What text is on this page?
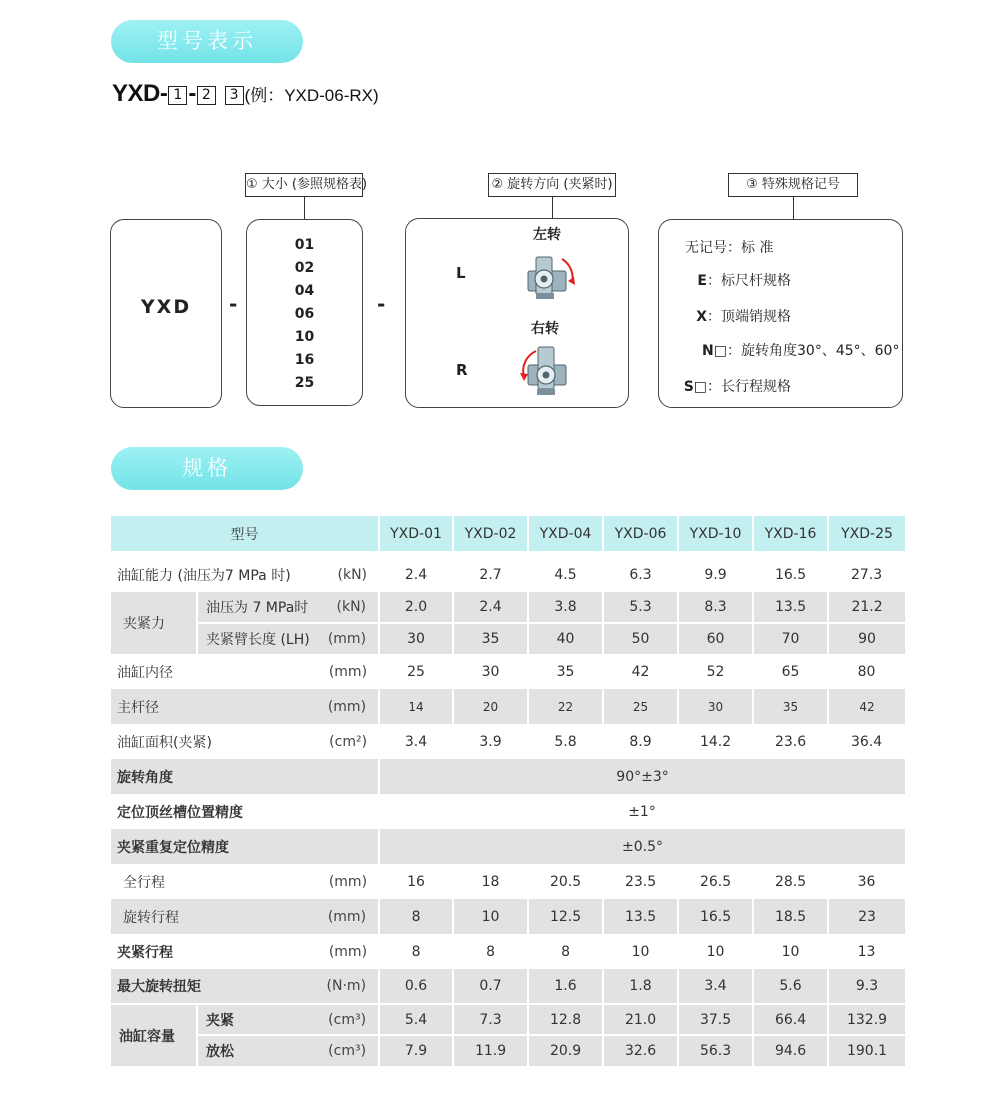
型号表示
YXD- 1 - 2 3 (例：YXD-06-RX)
① 大小 (参照规格表)	② 旋转方向 (夹紧时)	③ 特殊规格记号
YXD	-
01
02
04
06
10
16
25
-
左转
L
右转
R
无记号：标 准
E：标尺杆规格
X：顶端销规格
N□：旋转角度30°、45°、60°
S□：长行程规格
规格
型号			YXD-01	YXD-02	YXD-04	YXD-06	YXD-10	YXD-16	YXD-25

油缸能力 (油压为7 MPa 时)		(kN)	2.4	2.7	4.5	6.3	9.9	16.5	27.3
夹紧力	油压为 7 MPa时	(kN)	2.0	2.4	3.8	5.3	8.3	13.5	21.2
	夹紧臂长度 (LH)	(mm)	30	35	40	50	60	70	90
油缸内径		(mm)	25	30	35	42	52	65	80
主杆径		(mm)	14	20	22	25	30	35	42
油缸面积(夹紧)		(cm²)	3.4	3.9	5.8	8.9	14.2	23.6	36.4
旋转角度			90°±3°						
定位顶丝槽位置精度			±1°						
夹紧重复定位精度			±0.5°						
全行程		(mm)	16	18	20.5	23.5	26.5	28.5	36
旋转行程		(mm)	8	10	12.5	13.5	16.5	18.5	23
夹紧行程		(mm)	8	8	8	10	10	10	13
最大旋转扭矩		(N·m)	0.6	0.7	1.6	1.8	3.4	5.6	9.3
油缸容量	夹紧	(cm³)	5.4	7.3	12.8	21.0	37.5	66.4	132.9
	放松	(cm³)	7.9	11.9	20.9	32.6	56.3	94.6	190.1
